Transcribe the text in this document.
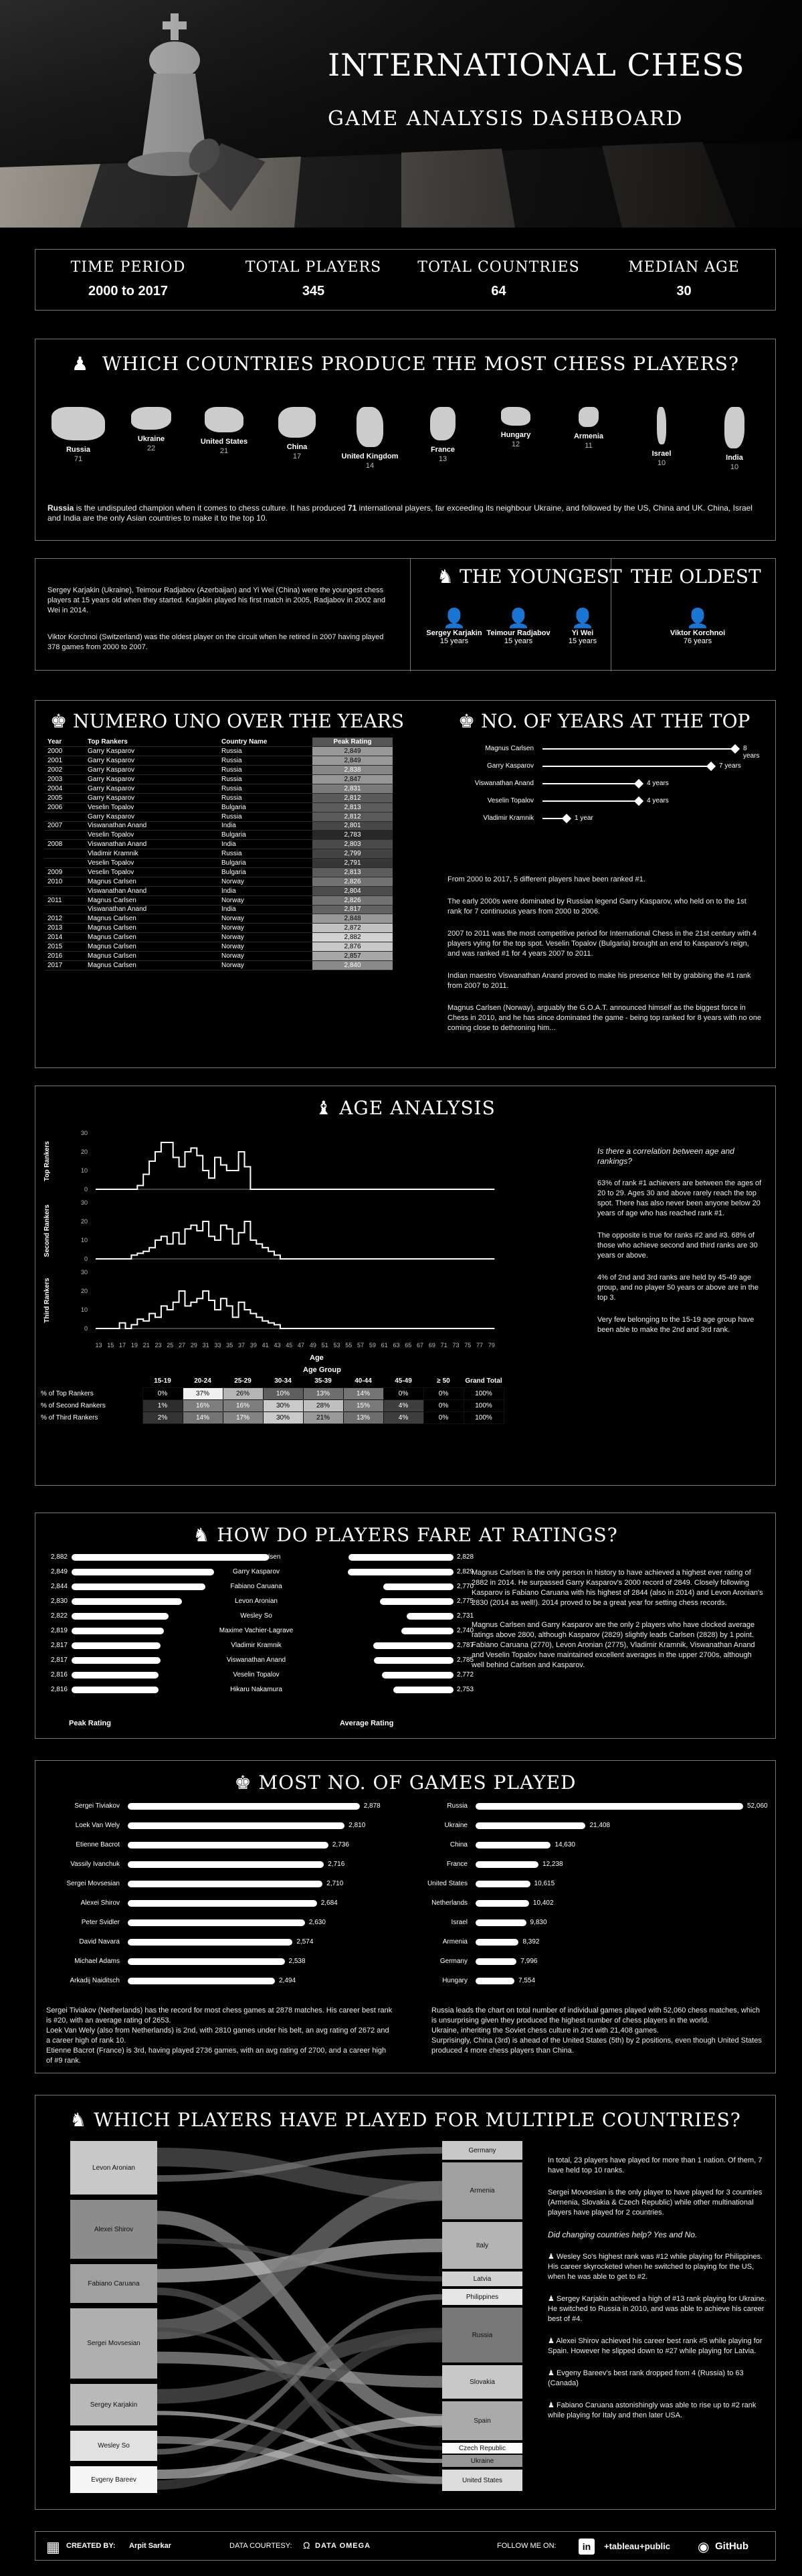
INTERNATIONAL CHESS
GAME ANALYSIS DASHBOARD
TIME PERIOD
2000 to 2017
TOTAL PLAYERS
345
TOTAL COUNTRIES
64
MEDIAN AGE
30
♟ WHICH COUNTRIES PRODUCE THE MOST CHESS PLAYERS?
Russia
71
Ukraine
22
United States
21	China
17	United Kingdom
14
France
13
Hungary
12
Armenia
11
Israel
10
India
10
Russia is the undisputed champion when it comes to chess culture. It has produced 71 international players, far exceeding its neighbour Ukraine, and followed by the US, China and UK. China, Israel and India are the only Asian countries to make it to the top 10.
Sergey Karjakin (Ukraine), Teimour Radjabov (Azerbaijan) and Yi Wei (China) were the youngest chess players at 15 years old when they started. Karjakin played his first match in 2005, Radjabov in 2002 and Wei in 2014.
Viktor Korchnoi (Switzerland) was the oldest player on the circuit when he retired in 2007 having played 378 games from 2000 to 2007.
♞ THE YOUNGEST THE OLDEST
👤
Sergey Karjakin
15 years
👤
Teimour Radjabov
15 years
👤
Yi Wei
15 years
👤
Viktor Korchnoi
76 years
♚ NUMERO UNO OVER THE YEARS
Year	Top Rankers	Country Name	Peak Rating
2000	Garry Kasparov	Russia	2,849
2001	Garry Kasparov	Russia	2,849
2002	Garry Kasparov	Russia	2,838
2003	Garry Kasparov	Russia	2,847
2004	Garry Kasparov	Russia	2,831
2005	Garry Kasparov	Russia	2,812
2006	Veselin Topalov	Bulgaria	2,813
	Garry Kasparov	Russia	2,812
2007	Viswanathan Anand	India	2,801
	Veselin Topalov	Bulgaria	2,783
2008	Viswanathan Anand	India	2,803
	Vladimir Kramnik	Russia	2,799
	Veselin Topalov	Bulgaria	2,791
2009	Veselin Topalov	Bulgaria	2,813
2010	Magnus Carlsen	Norway	2,826
	Viswanathan Anand	India	2,804
2011	Magnus Carlsen	Norway	2,826
	Viswanathan Anand	India	2,817
2012	Magnus Carlsen	Norway	2,848
2013	Magnus Carlsen	Norway	2,872
2014	Magnus Carlsen	Norway	2,882
2015	Magnus Carlsen	Norway	2,876
2016	Magnus Carlsen	Norway	2,857
2017	Magnus Carlsen	Norway	2,840
♚ NO. OF YEARS AT THE TOP
Magnus Carlsen	8 years
Garry Kasparov	7 years
Viswanathan Anand	4 years
Veselin Topalov	4 years
Vladimir Kramnik	1 year

From 2000 to 2017, 5 different players have been ranked #1.

The early 2000s were dominated by Russian legend Garry Kasparov, who held on to the 1st rank for 7 continuous years from 2000 to 2006.

2007 to 2011 was the most competitive period for International Chess in the 21st century with 4 players vying for the top spot. Veselin Topalov (Bulgaria) brought an end to Kasparov's reign, and was ranked #1 for 4 years 2007 to 2011.

Indian maestro Viswanathan Anand proved to make his presence felt by grabbing the #1 rank from 2007 to 2011.

Magnus Carlsen (Norway), arguably the G.O.A.T. announced himself as the biggest force in Chess in 2010, and he has since dominated the game - being top ranked for 8 years with no one coming close to dethroning him...

♝ AGE ANALYSIS
Top Rankers
30
20
10
0
Second Rankers
30
20
10
0
Third Rankers
30
20
10
0
13 15 17 19 21 23 25 27 29 31 33 35 37 39 41 43 45 47 49 51 53 55 57 59 61 63 65 67 69 71 73 75 77 79
Age
Age Group
	15-19	20-24	25-29	30-34	35-39	40-44	45-49	≥ 50	Grand Total
% of Top Rankers	0%	37%	26%	10%	13%	14%	0%	0%	100%
% of Second Rankers	1%	16%	16%	30%	28%	15%	4%	0%	100%
% of Third Rankers	2%	14%	17%	30%	21%	13%	4%	0%	100%

Is there a correlation between age and rankings?

63% of rank #1 achievers are between the ages of 20 to 29. Ages 30 and above rarely reach the top spot. There has also never been anyone below 20 years of age who has reached rank #1.

The opposite is true for ranks #2 and #3. 68% of those who achieve second and third ranks are 30 years or above.

4% of 2nd and 3rd ranks are held by 45-49 age group, and no player 50 years or above are in the top 3.

Very few belonging to the 15-19 age group have been able to make the 2nd and 3rd rank.

♞ HOW DO PLAYERS FARE AT RATINGS?
2,882	Magnus Carlsen	2,828
2,849	Garry Kasparov	2,829
2,844	Fabiano Caruana	2,770
2,830	Levon Aronian	2,775
2,822	Wesley So	2,731
2,819	Maxime Vachier-Lagrave	2,740
2,817	Vladimir Kramnik	2,787
2,817	Viswanathan Anand	2,785
2,816	Veselin Topalov	2,772
2,816	Hikaru Nakamura	2,753
Peak Rating	Average Rating

Magnus Carlsen is the only person in history to have achieved a highest ever rating of 2882 in 2014. He surpassed Garry Kasparov's 2000 record of 2849. Closely following Kasparov is Fabiano Caruana with his highest of 2844 (also in 2014) and Levon Aronian's 2830 (2014 as well!). 2014 proved to be a great year for setting chess records.

Magnus Carlsen and Garry Kasparov are the only 2 players who have clocked average ratings above 2800, although Kasparov (2829) slightly leads Carlsen (2828) by 1 point.

Fabiano Caruana (2770), Levon Aronian (2775), Vladimir Kramnik, Viswanathan Anand and Veselin Topalov have maintained excellent averages in the upper 2700s, although well behind Carlsen and Kasparov.

♚ MOST NO. OF GAMES PLAYED
Sergei Tiviakov	2,878
Loek Van Wely	2,810
Etienne Bacrot	2,736
Vassily Ivanchuk	2,716
Sergei Movsesian	2,710
Alexei Shirov	2,684
Peter Svidler	2,630
David Navara	2,574
Michael Adams	2,538
Arkadij Naiditsch	2,494
Russia	52,060
Ukraine	21,408
China	14,630
France	12,238
United States	10,615
Netherlands	10,402
Israel	9,830
Armenia	8,392
Germany	7,996
Hungary	7,554

Sergei Tiviakov (Netherlands) has the record for most chess games at 2878 matches. His career best rank is #20, with an average rating of 2653.

Loek Van Wely (also from Netherlands) is 2nd, with 2810 games under his belt, an avg rating of 2672 and a career high of rank 10.

Etienne Bacrot (France) is 3rd, having played 2736 games, with an avg rating of 2700, and a career high of #9 rank.

Russia leads the chart on total number of individual games played with 52,060 chess matches, which is unsurprising given they produced the highest number of chess players in the world.

Ukraine, inheriting the Soviet chess culture in 2nd with 21,408 games.

Surprisingly, China (3rd) is ahead of the United States (5th) by 2 positions, even though United States produced 4 more chess players than China.

♞ WHICH PLAYERS HAVE PLAYED FOR MULTIPLE COUNTRIES?
Levon Aronian
Alexei Shirov
Fabiano Caruana
Sergei Movsesian
Sergey Karjakin
Wesley So
Evgeny Bareev
Germany
Armenia
Italy
Latvia
Philippines
Russia
Slovakia
Spain
Czech Republic
Ukraine
United States

In total, 23 players have played for more than 1 nation. Of them, 7 have held top 10 ranks.

Sergei Movsesian is the only player to have played for 3 countries (Armenia, Slovakia & Czech Republic) while other multinational players have played for 2 countries.

Did changing countries help? Yes and No.

♟ Wesley So's highest rank was #12 while playing for Philippines. His career skyrocketed when he switched to playing for the US, when he was able to get to #2.

♟ Sergey Karjakin achieved a high of #13 rank playing for Ukraine. He switched to Russia in 2010, and was able to achieve his career best of #4.

♟ Alexei Shirov achieved his career best rank #5 while playing for Spain. However he slipped down to #27 while playing for Latvia.

♟ Evgeny Bareev's best rank dropped from 4 (Russia) to 63 (Canada)

♟ Fabiano Caruana astonishingly was able to rise up to #2 rank while playing for Italy and then later USA.

▦ CREATED BY: Arpit Sarkar	DATA COURTESY: Ω DATA OMEGA	FOLLOW ME ON:	in	+tableau+public ◉ GitHub
